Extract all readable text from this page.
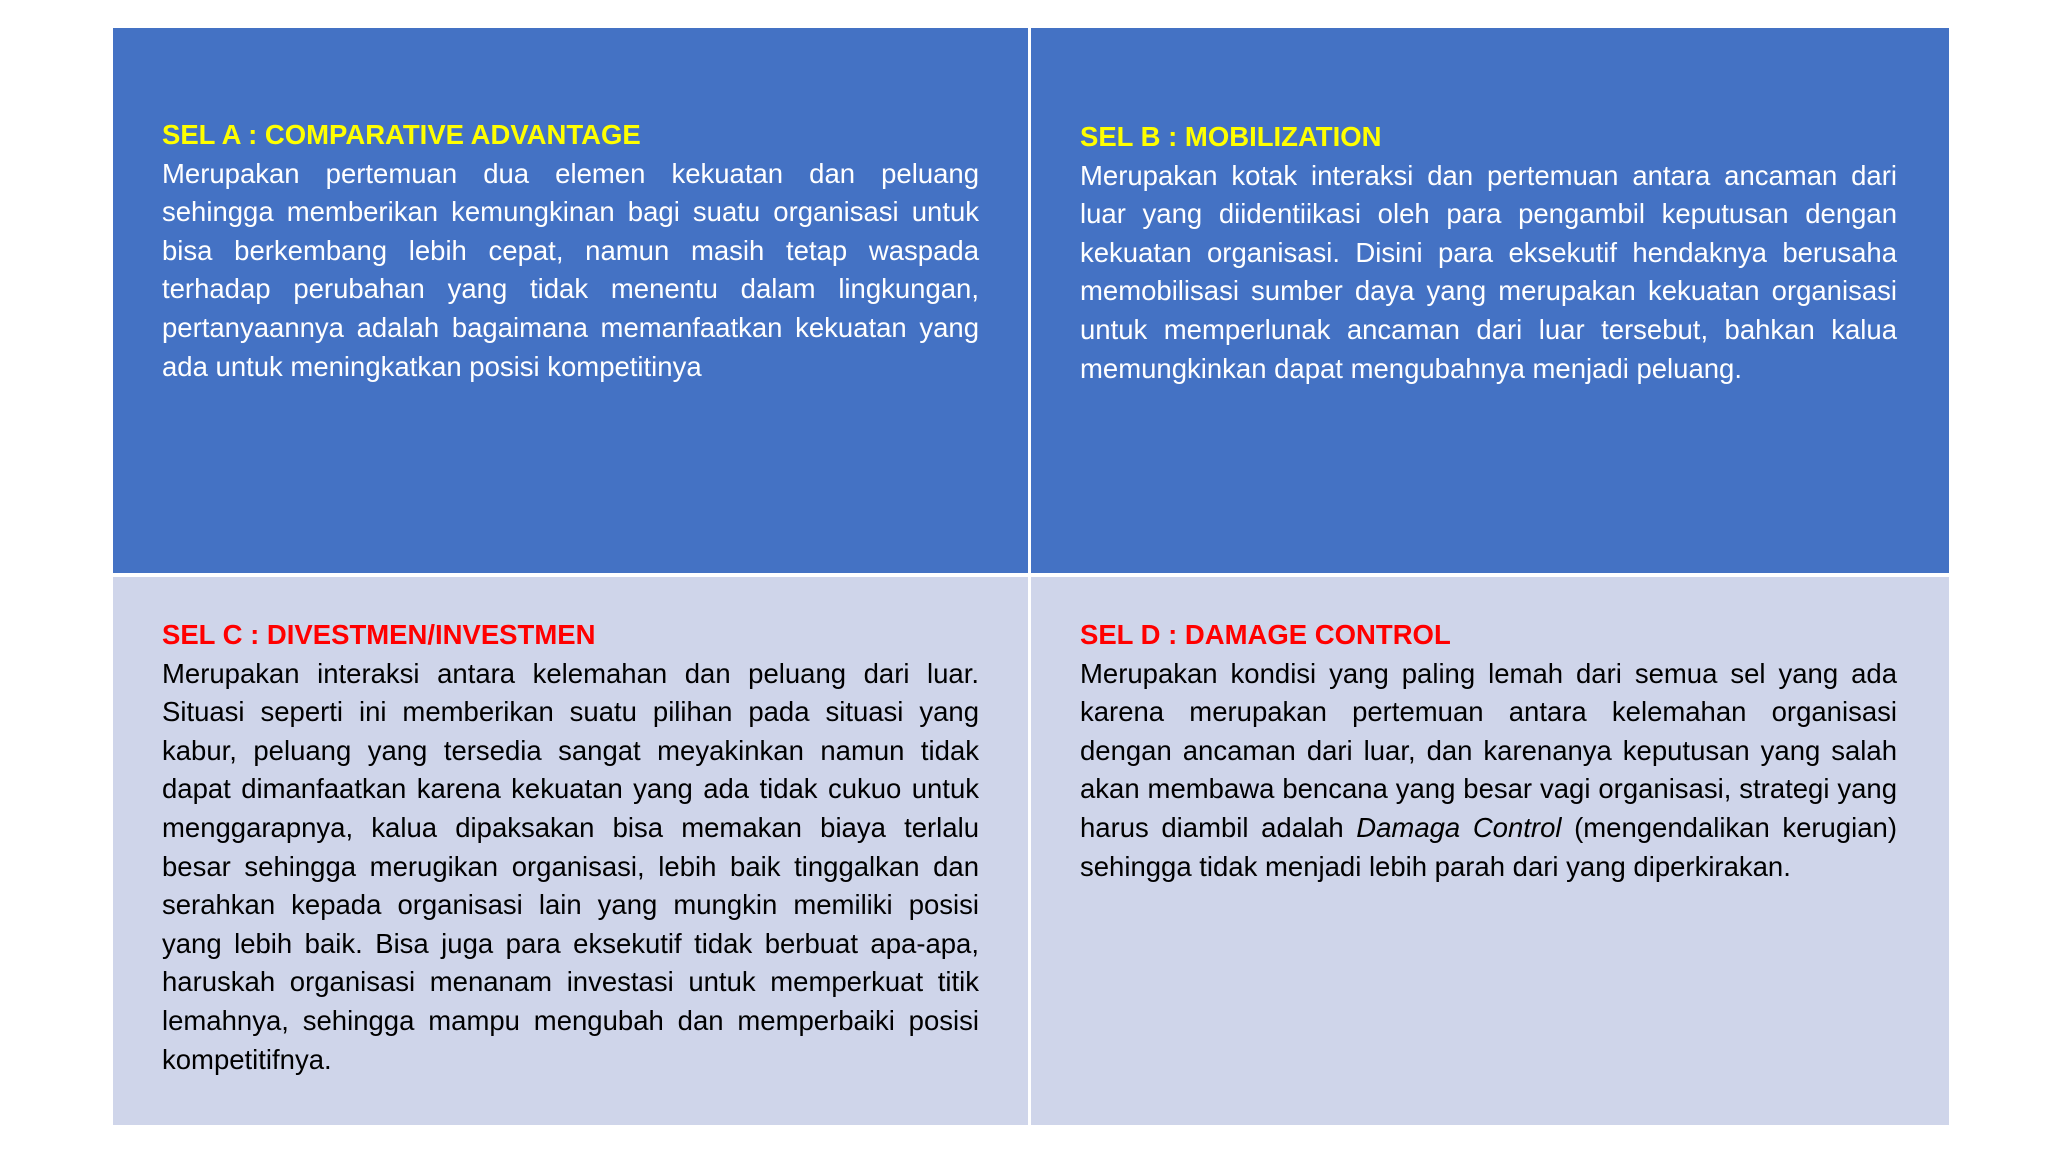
SEL A : COMPARATIVE ADVANTAGE
Merupakan pertemuan dua elemen kekuatan dan peluang sehingga memberikan kemungkinan bagi suatu organisasi untuk bisa berkembang lebih cepat, namun masih tetap waspada terhadap perubahan yang tidak menentu dalam lingkungan, pertanyaannya adalah bagaimana memanfaatkan kekuatan yang ada untuk meningkatkan posisi kompetitinya
SEL B : MOBILIZATION
Merupakan kotak interaksi dan pertemuan antara ancaman dari luar yang diidentiikasi oleh para pengambil keputusan dengan kekuatan organisasi. Disini para eksekutif hendaknya berusaha memobilisasi sumber daya yang merupakan kekuatan organisasi untuk memperlunak ancaman dari luar tersebut, bahkan kalua memungkinkan dapat mengubahnya menjadi peluang.
SEL C : DIVESTMEN/INVESTMEN
Merupakan interaksi antara kelemahan dan peluang dari luar. Situasi seperti ini memberikan suatu pilihan pada situasi yang kabur, peluang yang tersedia sangat meyakinkan namun tidak dapat dimanfaatkan karena kekuatan yang ada tidak cukuo untuk menggarapnya, kalua dipaksakan bisa memakan biaya terlalu besar sehingga merugikan organisasi, lebih baik tinggalkan dan serahkan kepada organisasi lain yang mungkin memiliki posisi yang lebih baik. Bisa juga para eksekutif tidak berbuat apa-apa, haruskah organisasi menanam investasi untuk memperkuat titik lemahnya, sehingga mampu mengubah dan memperbaiki posisi kompetitifnya.
SEL D : DAMAGE CONTROL
Merupakan kondisi yang paling lemah dari semua sel yang ada karena merupakan pertemuan antara kelemahan organisasi dengan ancaman dari luar, dan karenanya keputusan yang salah akan membawa bencana yang besar vagi organisasi, strategi yang harus diambil adalah Damaga Control (mengendalikan kerugian) sehingga tidak menjadi lebih parah dari yang diperkirakan.
